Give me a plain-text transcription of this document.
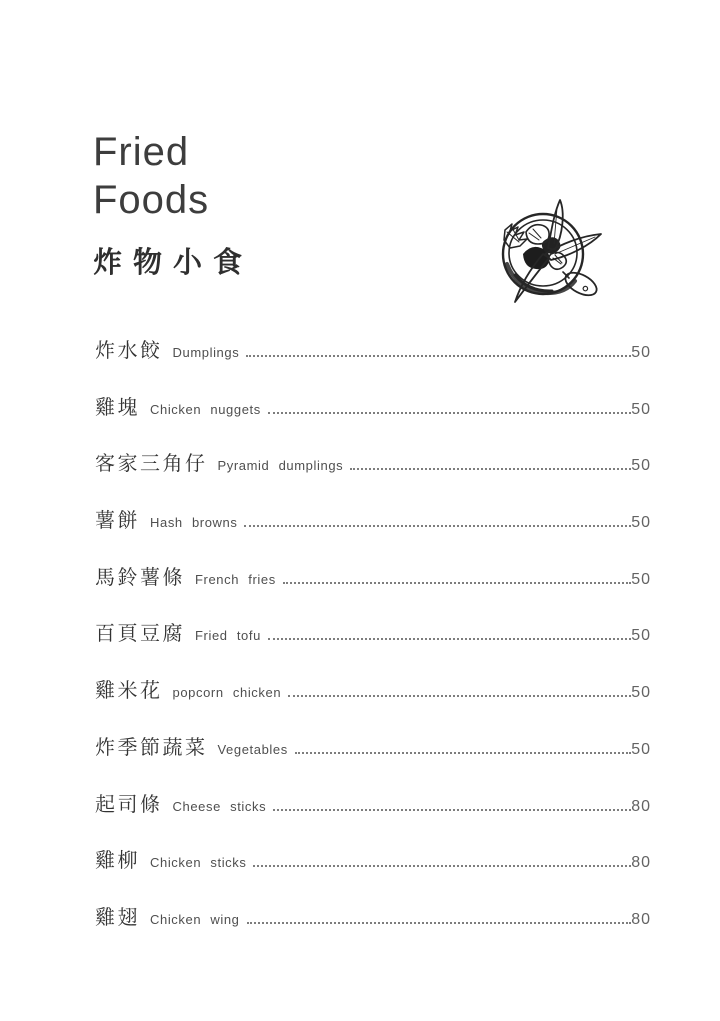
Fried
Foods
炸物小食
炸水餃 Dumplings	50
雞塊 Chicken nuggets	50
客家三角仔 Pyramid dumplings	50
薯餅 Hash browns	50
馬鈴薯條 French fries	50
百頁豆腐 Fried tofu	50
雞米花 popcorn chicken	50
炸季節蔬菜 Vegetables	50
起司條 Cheese sticks	80
雞柳 Chicken sticks	80
雞翅 Chicken wing	80
